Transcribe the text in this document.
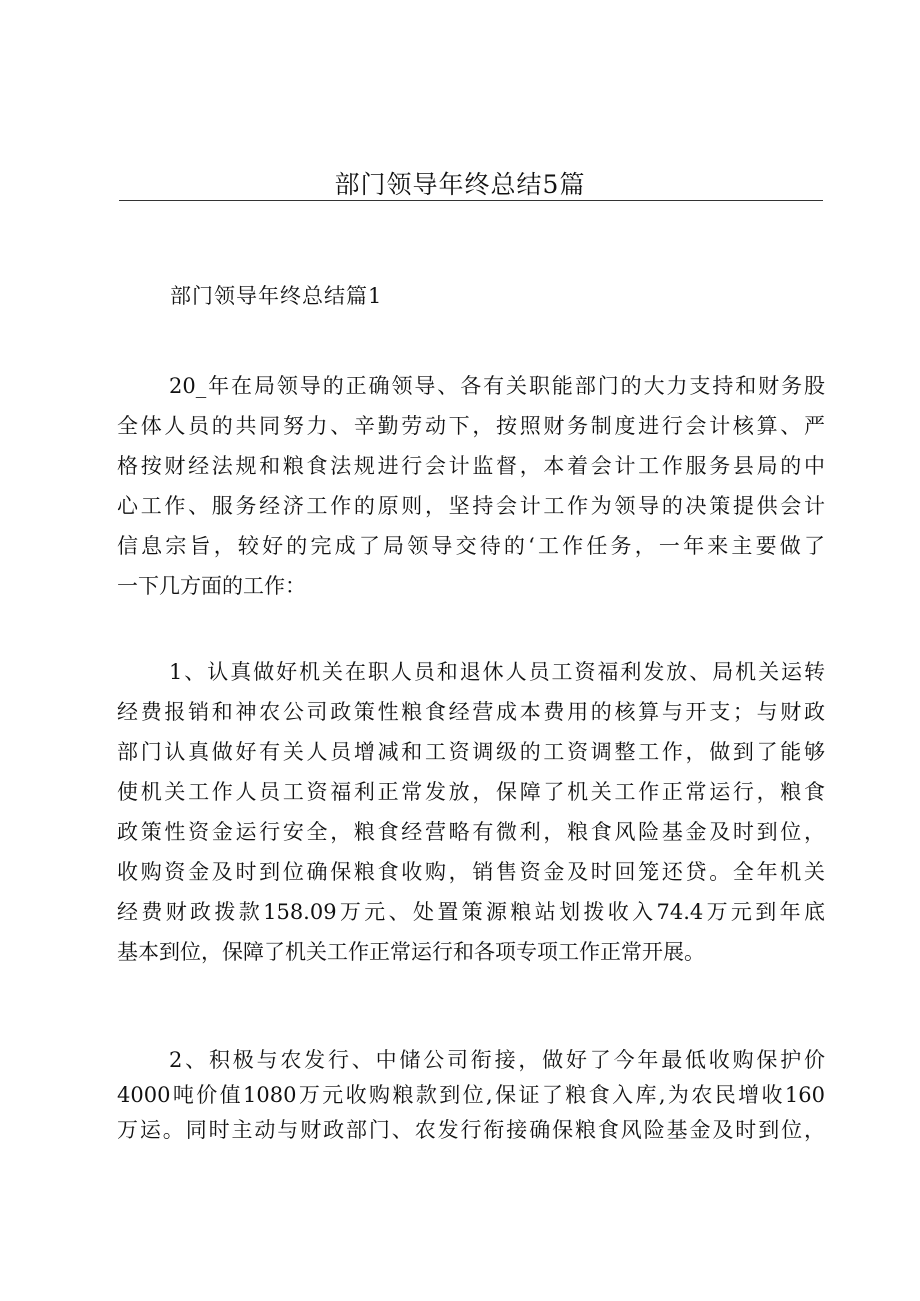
部门领导年终总结5篇
部门领导年终总结篇1
20_年在局领导的正确领导、各有关职能部门的大力支持和财务股
全体人员的共同努力、辛勤劳动下，按照财务制度进行会计核算、严
格按财经法规和粮食法规进行会计监督，本着会计工作服务县局的中
心工作、服务经济工作的原则，坚持会计工作为领导的决策提供会计
信息宗旨，较好的完成了局领导交待的‘工作任务，一年来主要做了
一下几方面的工作：
1、认真做好机关在职人员和退休人员工资福利发放、局机关运转
经费报销和神农公司政策性粮食经营成本费用的核算与开支；与财政
部门认真做好有关人员增减和工资调级的工资调整工作，做到了能够
使机关工作人员工资福利正常发放，保障了机关工作正常运行，粮食
政策性资金运行安全，粮食经营略有微利，粮食风险基金及时到位，
收购资金及时到位确保粮食收购，销售资金及时回笼还贷。全年机关
经费财政拨款158.09万元、处置策源粮站划拨收入74.4万元到年底
基本到位，保障了机关工作正常运行和各项专项工作正常开展。
2、积极与农发行、中储公司衔接，做好了今年最低收购保护价
4000吨价值1080万元收购粮款到位,保证了粮食入库,为农民增收160
万运。同时主动与财政部门、农发行衔接确保粮食风险基金及时到位，
